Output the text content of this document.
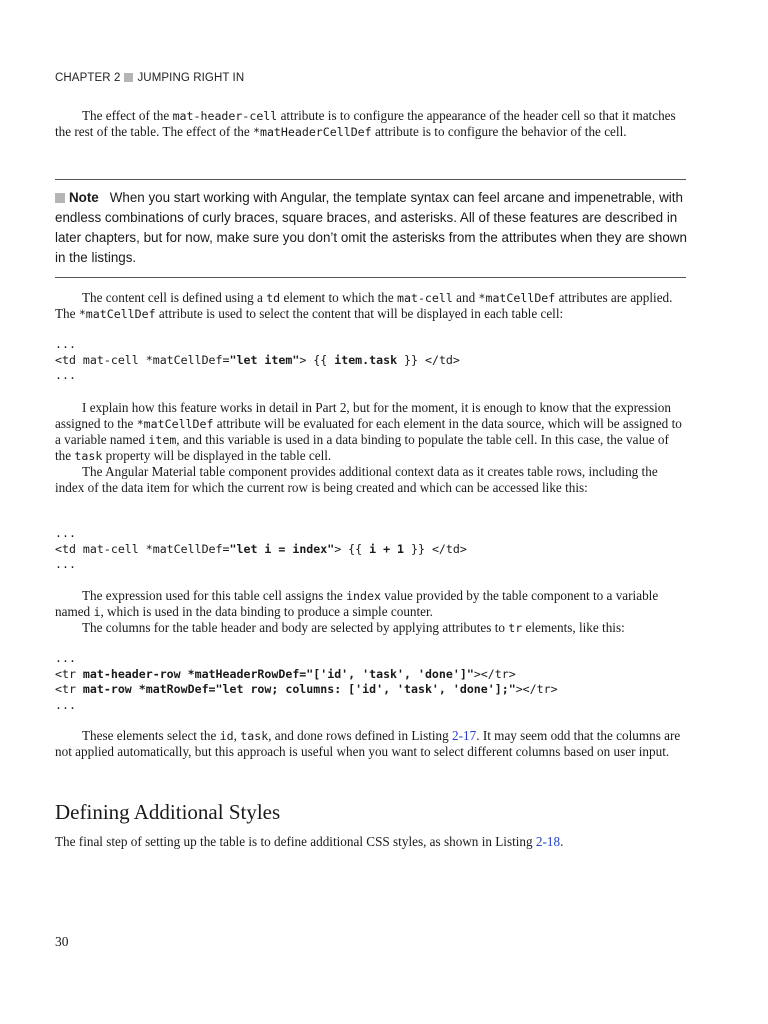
CHAPTER 2 JUMPING RIGHT IN

The effect of the mat-header-cell attribute is to configure the appearance of the header cell so that it matches the rest of the table. The effect of the *matHeaderCellDef attribute is to configure the behavior of the cell.

Note When you start working with Angular, the template syntax can feel arcane and impenetrable, with endless combinations of curly braces, square braces, and asterisks. All of these features are described in later chapters, but for now, make sure you don’t omit the asterisks from the attributes when they are shown in the listings.

The content cell is defined using a td element to which the mat-cell and *matCellDef attributes are applied. The *matCellDef attribute is used to select the content that will be displayed in each table cell:

...
<td mat-cell *matCellDef="let item"> {{ item.task }} </td>
...

I explain how this feature works in detail in Part 2, but for the moment, it is enough to know that the expression assigned to the *matCellDef attribute will be evaluated for each element in the data source, which will be assigned to a variable named item, and this variable is used in a data binding to populate the table cell. In this case, the value of the task property will be displayed in the table cell.

The Angular Material table component provides additional context data as it creates table rows, including the index of the data item for which the current row is being created and which can be accessed like this:

...
<td mat-cell *matCellDef="let i = index"> {{ i + 1 }} </td>
...

The expression used for this table cell assigns the index value provided by the table component to a variable named i, which is used in the data binding to produce a simple counter.

The columns for the table header and body are selected by applying attributes to tr elements, like this:

...
<tr mat-header-row *matHeaderRowDef="['id', 'task', 'done']"></tr>
<tr mat-row *matRowDef="let row; columns: ['id', 'task', 'done'];"></tr>
...

These elements select the id, task, and done rows defined in Listing 2-17. It may seem odd that the columns are not applied automatically, but this approach is useful when you want to select different columns based on user input.

Defining Additional Styles

The final step of setting up the table is to define additional CSS styles, as shown in Listing 2-18.

30
